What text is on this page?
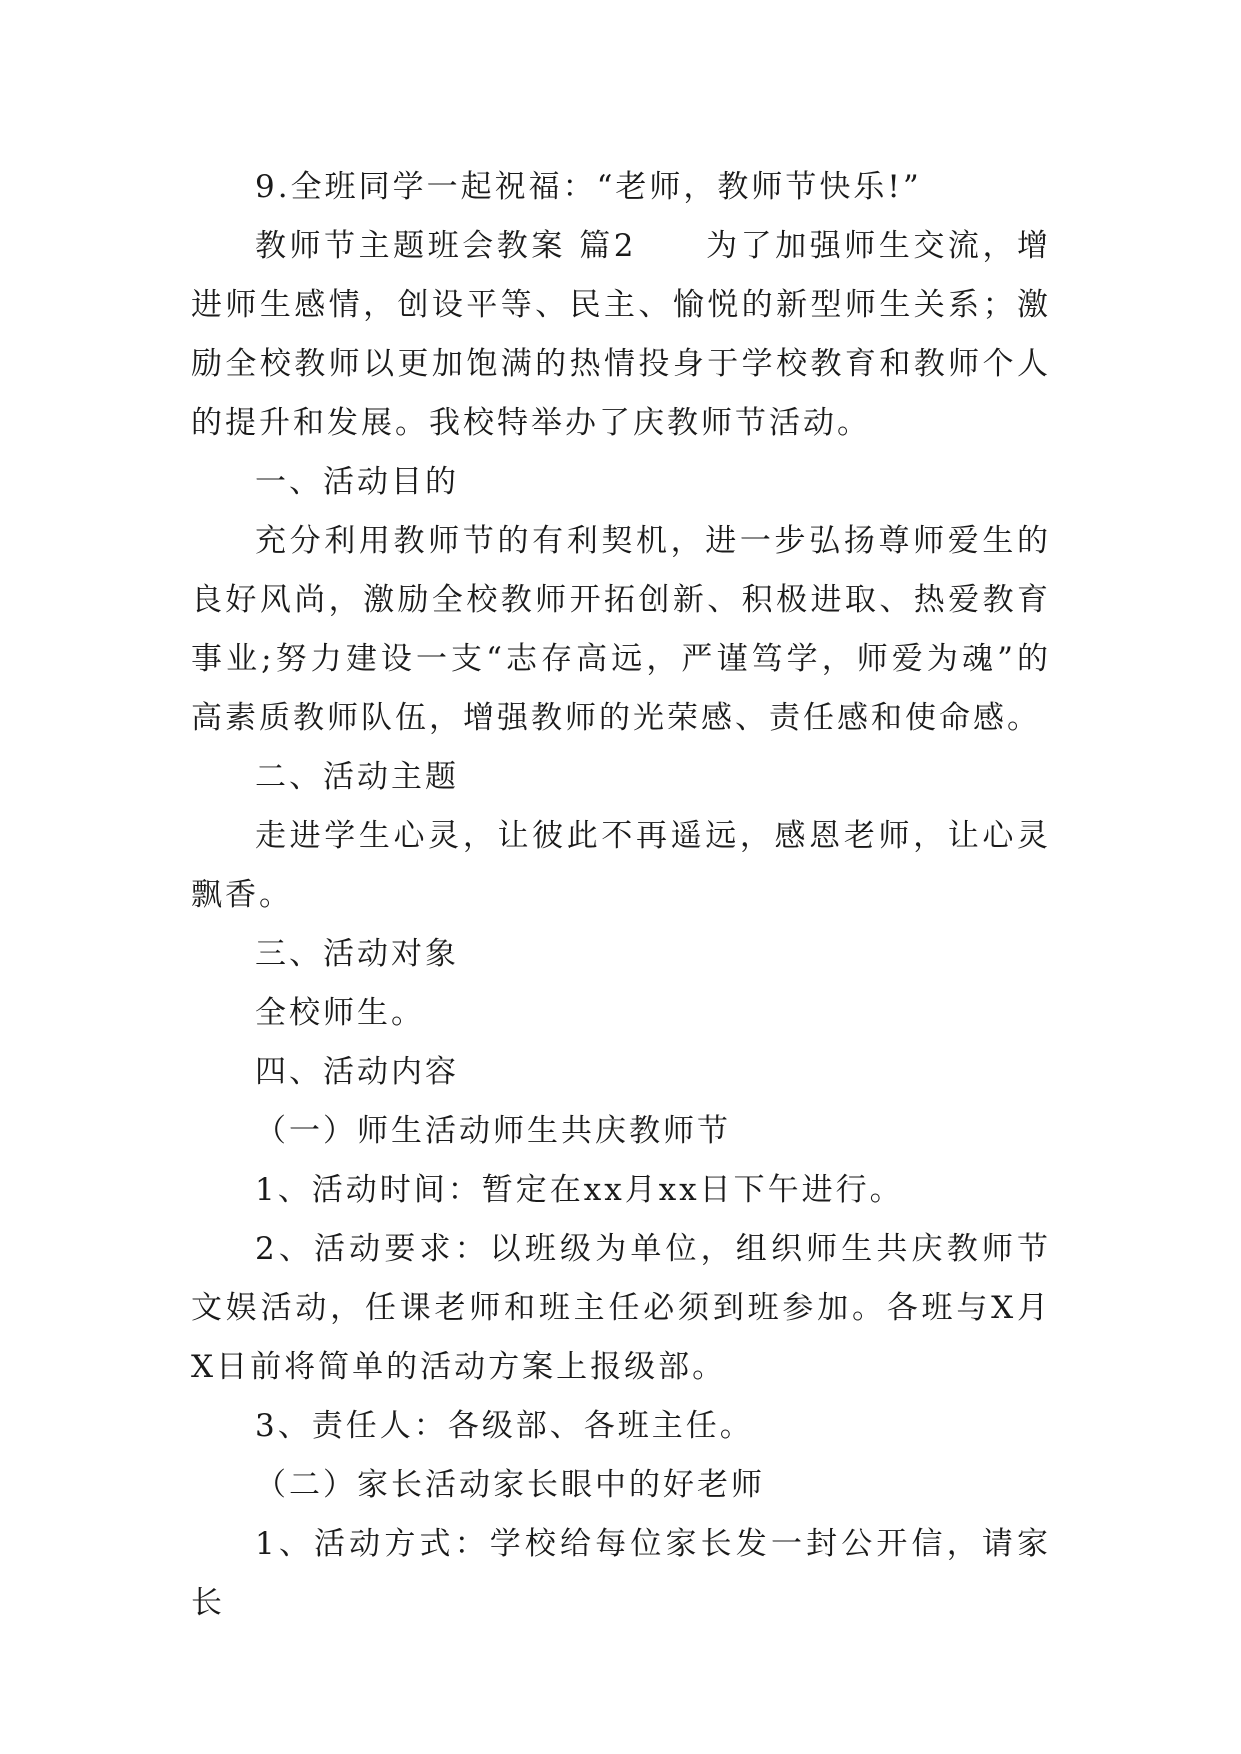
9.全班同学一起祝福：“老师，教师节快乐!”

教师节主题班会教案 篇2　　为了加强师生交流，增进师生感情，创设平等、民主、愉悦的新型师生关系；激励全校教师以更加饱满的热情投身于学校教育和教师个人的提升和发展。我校特举办了庆教师节活动。

一、活动目的

充分利用教师节的有利契机，进一步弘扬尊师爱生的良好风尚，激励全校教师开拓创新、积极进取、热爱教育事业;努力建设一支“志存高远，严谨笃学，师爱为魂”的高素质教师队伍，增强教师的光荣感、责任感和使命感。

二、活动主题

走进学生心灵，让彼此不再遥远，感恩老师，让心灵飘香。

三、活动对象

全校师生。

四、活动内容

（一）师生活动师生共庆教师节

1、活动时间：暂定在xx月xx日下午进行。

2、活动要求：以班级为单位，组织师生共庆教师节文娱活动，任课老师和班主任必须到班参加。各班与X月X日前将简单的活动方案上报级部。

3、责任人：各级部、各班主任。

（二）家长活动家长眼中的好老师

1、活动方式：学校给每位家长发一封公开信，请家长
